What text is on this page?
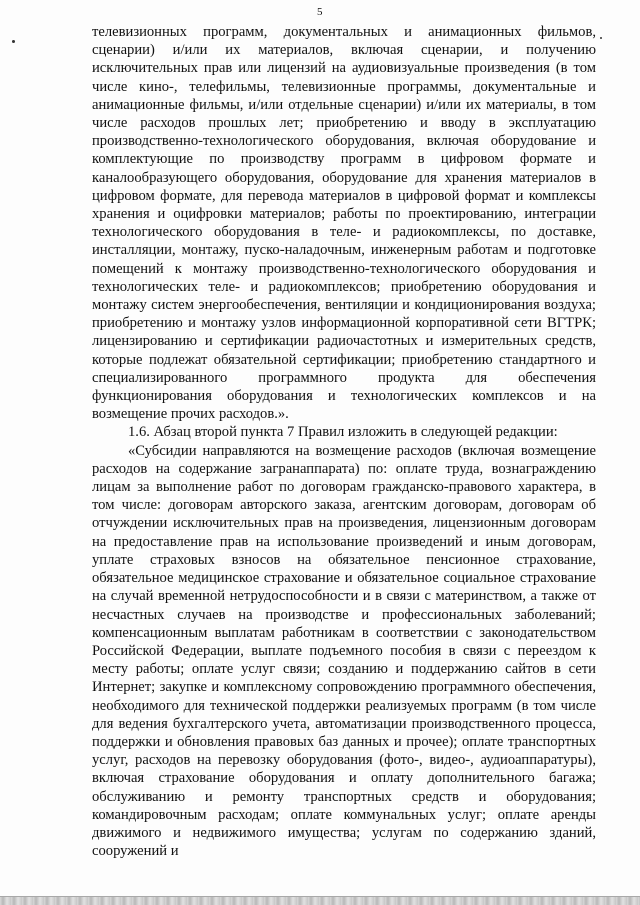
5

телевизионных программ, документальных и анимационных фильмов, сценарии) и/или их материалов, включая сценарии, и получению исключительных прав или лицензий на аудиовизуальные произведения (в том числе кино-, телефильмы, телевизионные программы, документальные и анимационные фильмы, и/или отдельные сценарии) и/или их материалы, в том числе расходов прошлых лет; приобретению и вводу в эксплуатацию производственно-технологического оборудования, включая оборудование и комплектующие по производству программ в цифровом формате и каналообразующего оборудования, оборудование для хранения материалов в цифровом формате, для перевода материалов в цифровой формат и комплексы хранения и оцифровки материалов; работы по проектированию, интеграции технологического оборудования в теле- и радиокомплексы, по доставке, инсталляции, монтажу, пуско-наладочным, инженерным работам и подготовке помещений к монтажу производственно-технологического оборудования и технологических теле- и радиокомплексов; приобретению оборудования и монтажу систем энергообеспечения, вентиляции и кондиционирования воздуха; приобретению и монтажу узлов информационной корпоративной сети ВГТРК; лицензированию и сертификации радиочастотных и измерительных средств, которые подлежат обязательной сертификации; приобретению стандартного и специализированного программного продукта для обеспечения функционирования оборудования и технологических комплексов и на возмещение прочих расходов.».

1.6. Абзац второй пункта 7 Правил изложить в следующей редакции:

«Субсидии направляются на возмещение расходов (включая возмещение расходов на содержание загранаппарата) по: оплате труда, вознаграждению лицам за выполнение работ по договорам гражданско-правового характера, в том числе: договорам авторского заказа, агентским договорам, договорам об отчуждении исключительных прав на произведения, лицензионным договорам на предоставление прав на использование произведений и иным договорам, уплате страховых взносов на обязательное пенсионное страхование, обязательное медицинское страхование и обязательное социальное страхование на случай временной нетрудоспособности и в связи с материнством, а также от несчастных случаев на производстве и профессиональных заболеваний; компенсационным выплатам работникам в соответствии с законодательством Российской Федерации, выплате подъемного пособия в связи с переездом к месту работы; оплате услуг связи; созданию и поддержанию сайтов в сети Интернет; закупке и комплексному сопровождению программного обеспечения, необходимого для технической поддержки реализуемых программ (в том числе для ведения бухгалтерского учета, автоматизации производственного процесса, поддержки и обновления правовых баз данных и прочее); оплате транспортных услуг, расходов на перевозку оборудования (фото-, видео-, аудиоаппаратуры), включая страхование оборудования и оплату дополнительного багажа; обслуживанию и ремонту транспортных средств и оборудования; командировочным расходам; оплате коммунальных услуг; оплате аренды движимого и недвижимого имущества; услугам по содержанию зданий, сооружений и
